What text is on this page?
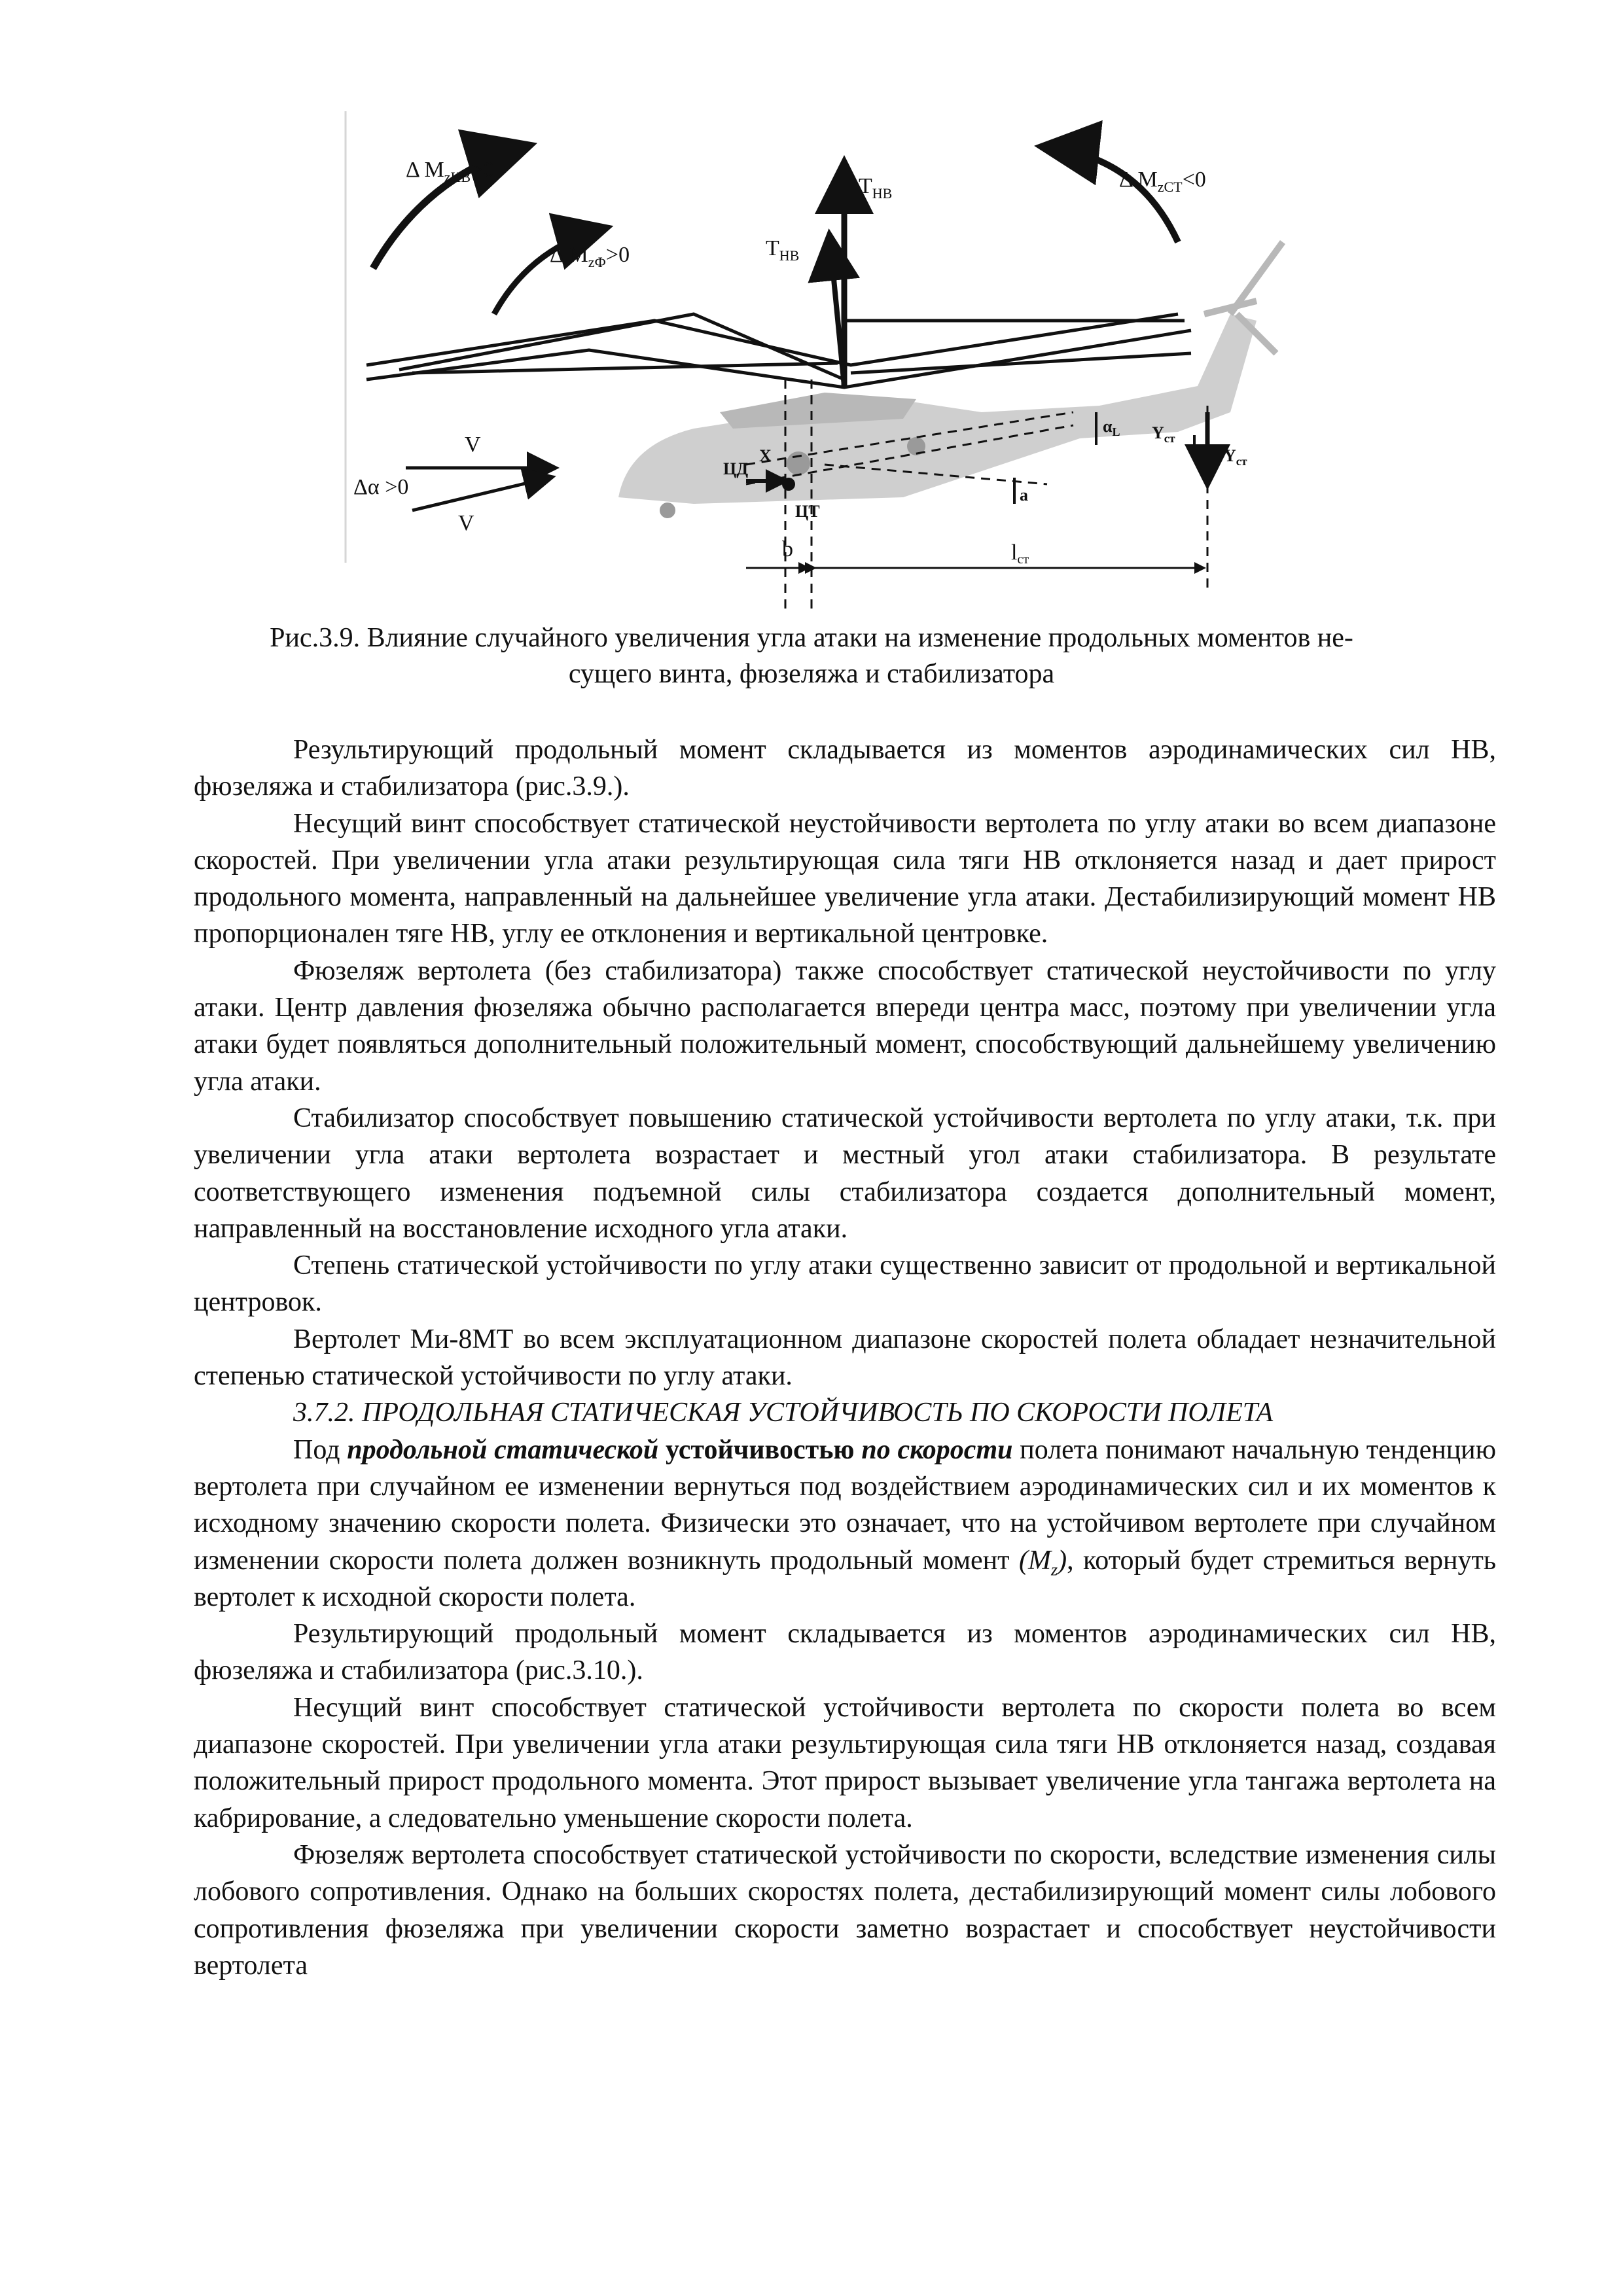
Δ $M_{zНВ}>0$
Δ $M_{zФ}>0$
Δ $M_{zСТ}<0$
$T_{НВ}$
$T_{НВ}$
$Y_{ст}$
$Y_{ст}$
ЦД
ЦТ
X
$\alpha_L$
a
V
V
Δα >0
b	lст
Рис.3.9. Влияние случайного увеличения угла атаки на изменение продольных моментов не-
сущего винта, фюзеляжа и стабилизатора

Результирующий продольный момент складывается из моментов аэродинамических сил НВ, фюзеляжа и стабилизатора (рис.3.9.).

Несущий винт способствует статической неустойчивости вертолета по углу атаки во всем диапазоне скоростей. При увеличении угла атаки результирующая сила тяги НВ отклоняется назад и дает прирост продольного момента, направленный на дальнейшее увеличение угла атаки. Дестабилизирующий момент НВ пропорционален тяге НВ, углу ее отклонения и вертикальной центровке.

Фюзеляж вертолета (без стабилизатора) также способствует статической неустойчивости по углу атаки. Центр давления фюзеляжа обычно располагается впереди центра масс, поэтому при увеличении угла атаки будет появляться дополнительный положительный момент, способствующий дальнейшему увеличению угла атаки.

Стабилизатор способствует повышению статической устойчивости вертолета по углу атаки, т.к. при увеличении угла атаки вертолета возрастает и местный угол атаки стабилизатора. В результате соответствующего изменения подъемной силы стабилизатора создается дополнительный момент, направленный на восстановление исходного угла атаки.

Степень статической устойчивости по углу атаки существенно зависит от продольной и вертикальной центровок.

Вертолет Ми-8МТ во всем эксплуатационном диапазоне скоростей полета обладает незначительной степенью статической устойчивости по углу атаки.

3.7.2. ПРОДОЛЬНАЯ СТАТИЧЕСКАЯ УСТОЙЧИВОСТЬ ПО СКОРОСТИ ПОЛЕТА

Под продольной статической устойчивостью по скорости полета понимают начальную тенденцию вертолета при случайном ее изменении вернуться под воздействием аэродинамических сил и их моментов к исходному значению скорости полета. Физически это означает, что на устойчивом вертолете при случайном изменении скорости полета должен возникнуть продольный момент $(M_z)$, который будет стремиться вернуть вертолет к исходной скорости полета.

Результирующий продольный момент складывается из моментов аэродинамических сил НВ, фюзеляжа и стабилизатора (рис.3.10.).

Несущий винт способствует статической устойчивости вертолета по скорости полета во всем диапазоне скоростей. При увеличении угла атаки результирующая сила тяги НВ отклоняется назад, создавая положительный прирост продольного момента. Этот прирост вызывает увеличение угла тангажа вертолета на кабрирование, а следовательно уменьшение скорости полета.

Фюзеляж вертолета способствует статической устойчивости по скорости, вследствие изменения силы лобового сопротивления. Однако на больших скоростях полета, дестабилизирующий момент силы лобового сопротивления фюзеляжа при увеличении скорости заметно возрастает и способствует неустойчивости вертолета
